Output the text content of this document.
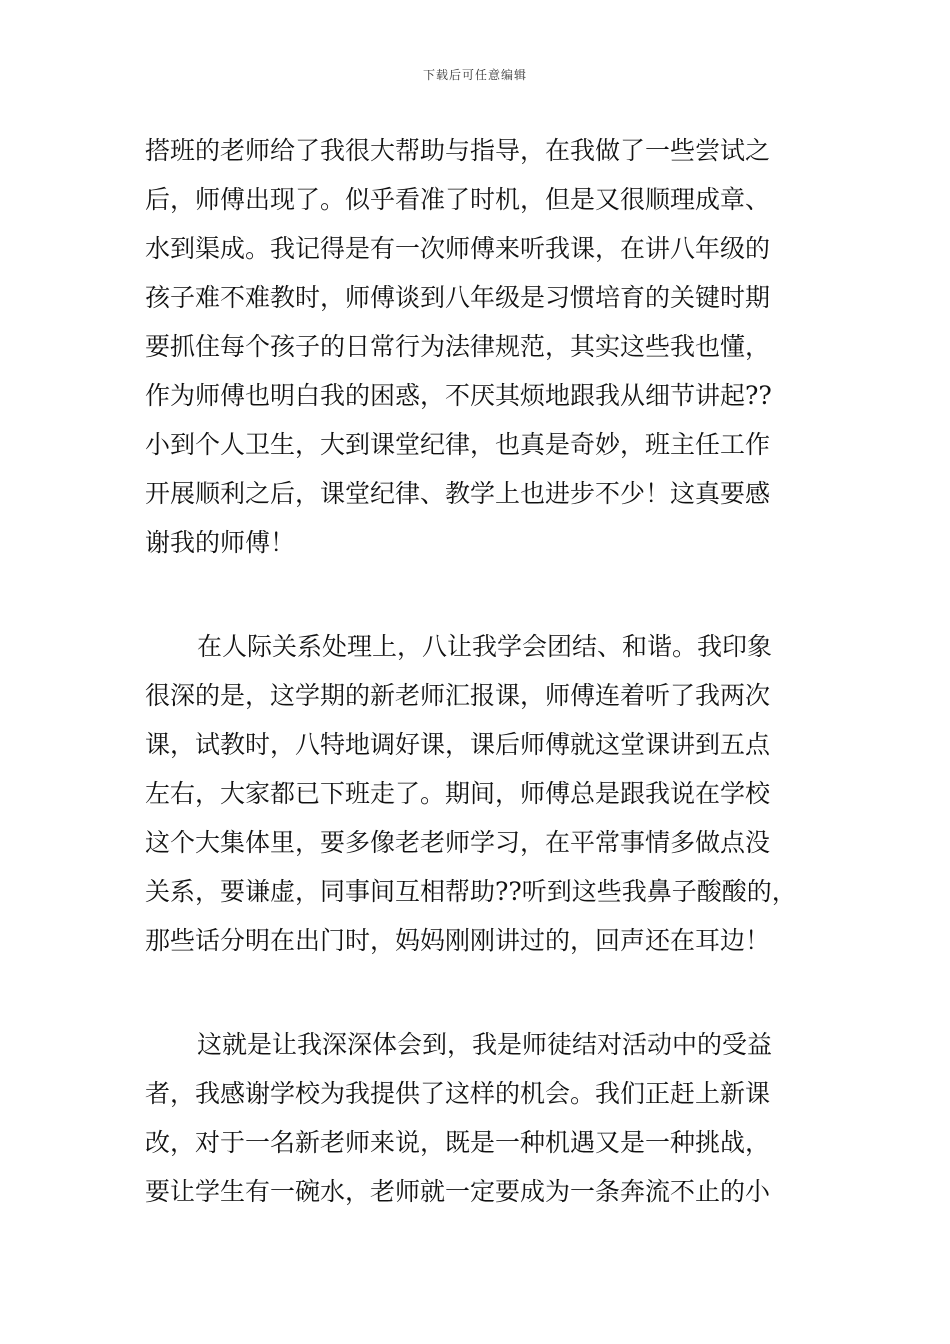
下载后可任意编辑
搭班的老师给了我很大帮助与指导，在我做了一些尝试之
后，师傅出现了。似乎看准了时机，但是又很顺理成章、
水到渠成。我记得是有一次师傅来听我课，在讲八年级的
孩子难不难教时，师傅谈到八年级是习惯培育的关键时期
要抓住每个孩子的日常行为法律规范，其实这些我也懂，
作为师傅也明白我的困惑，不厌其烦地跟我从细节讲起??
小到个人卫生，大到课堂纪律，也真是奇妙，班主任工作
开展顺利之后，课堂纪律、教学上也进步不少！这真要感
谢我的师傅！
在人际关系处理上，八让我学会团结、和谐。我印象
很深的是，这学期的新老师汇报课，师傅连着听了我两次
课，试教时，八特地调好课，课后师傅就这堂课讲到五点
左右，大家都已下班走了。期间，师傅总是跟我说在学校
这个大集体里，要多像老老师学习，在平常事情多做点没
关系，要谦虚，同事间互相帮助??听到这些我鼻子酸酸的，
那些话分明在出门时，妈妈刚刚讲过的，回声还在耳边！
这就是让我深深体会到，我是师徒结对活动中的受益
者，我感谢学校为我提供了这样的机会。我们正赶上新课
改，对于一名新老师来说，既是一种机遇又是一种挑战，
要让学生有一碗水，老师就一定要成为一条奔流不止的小
